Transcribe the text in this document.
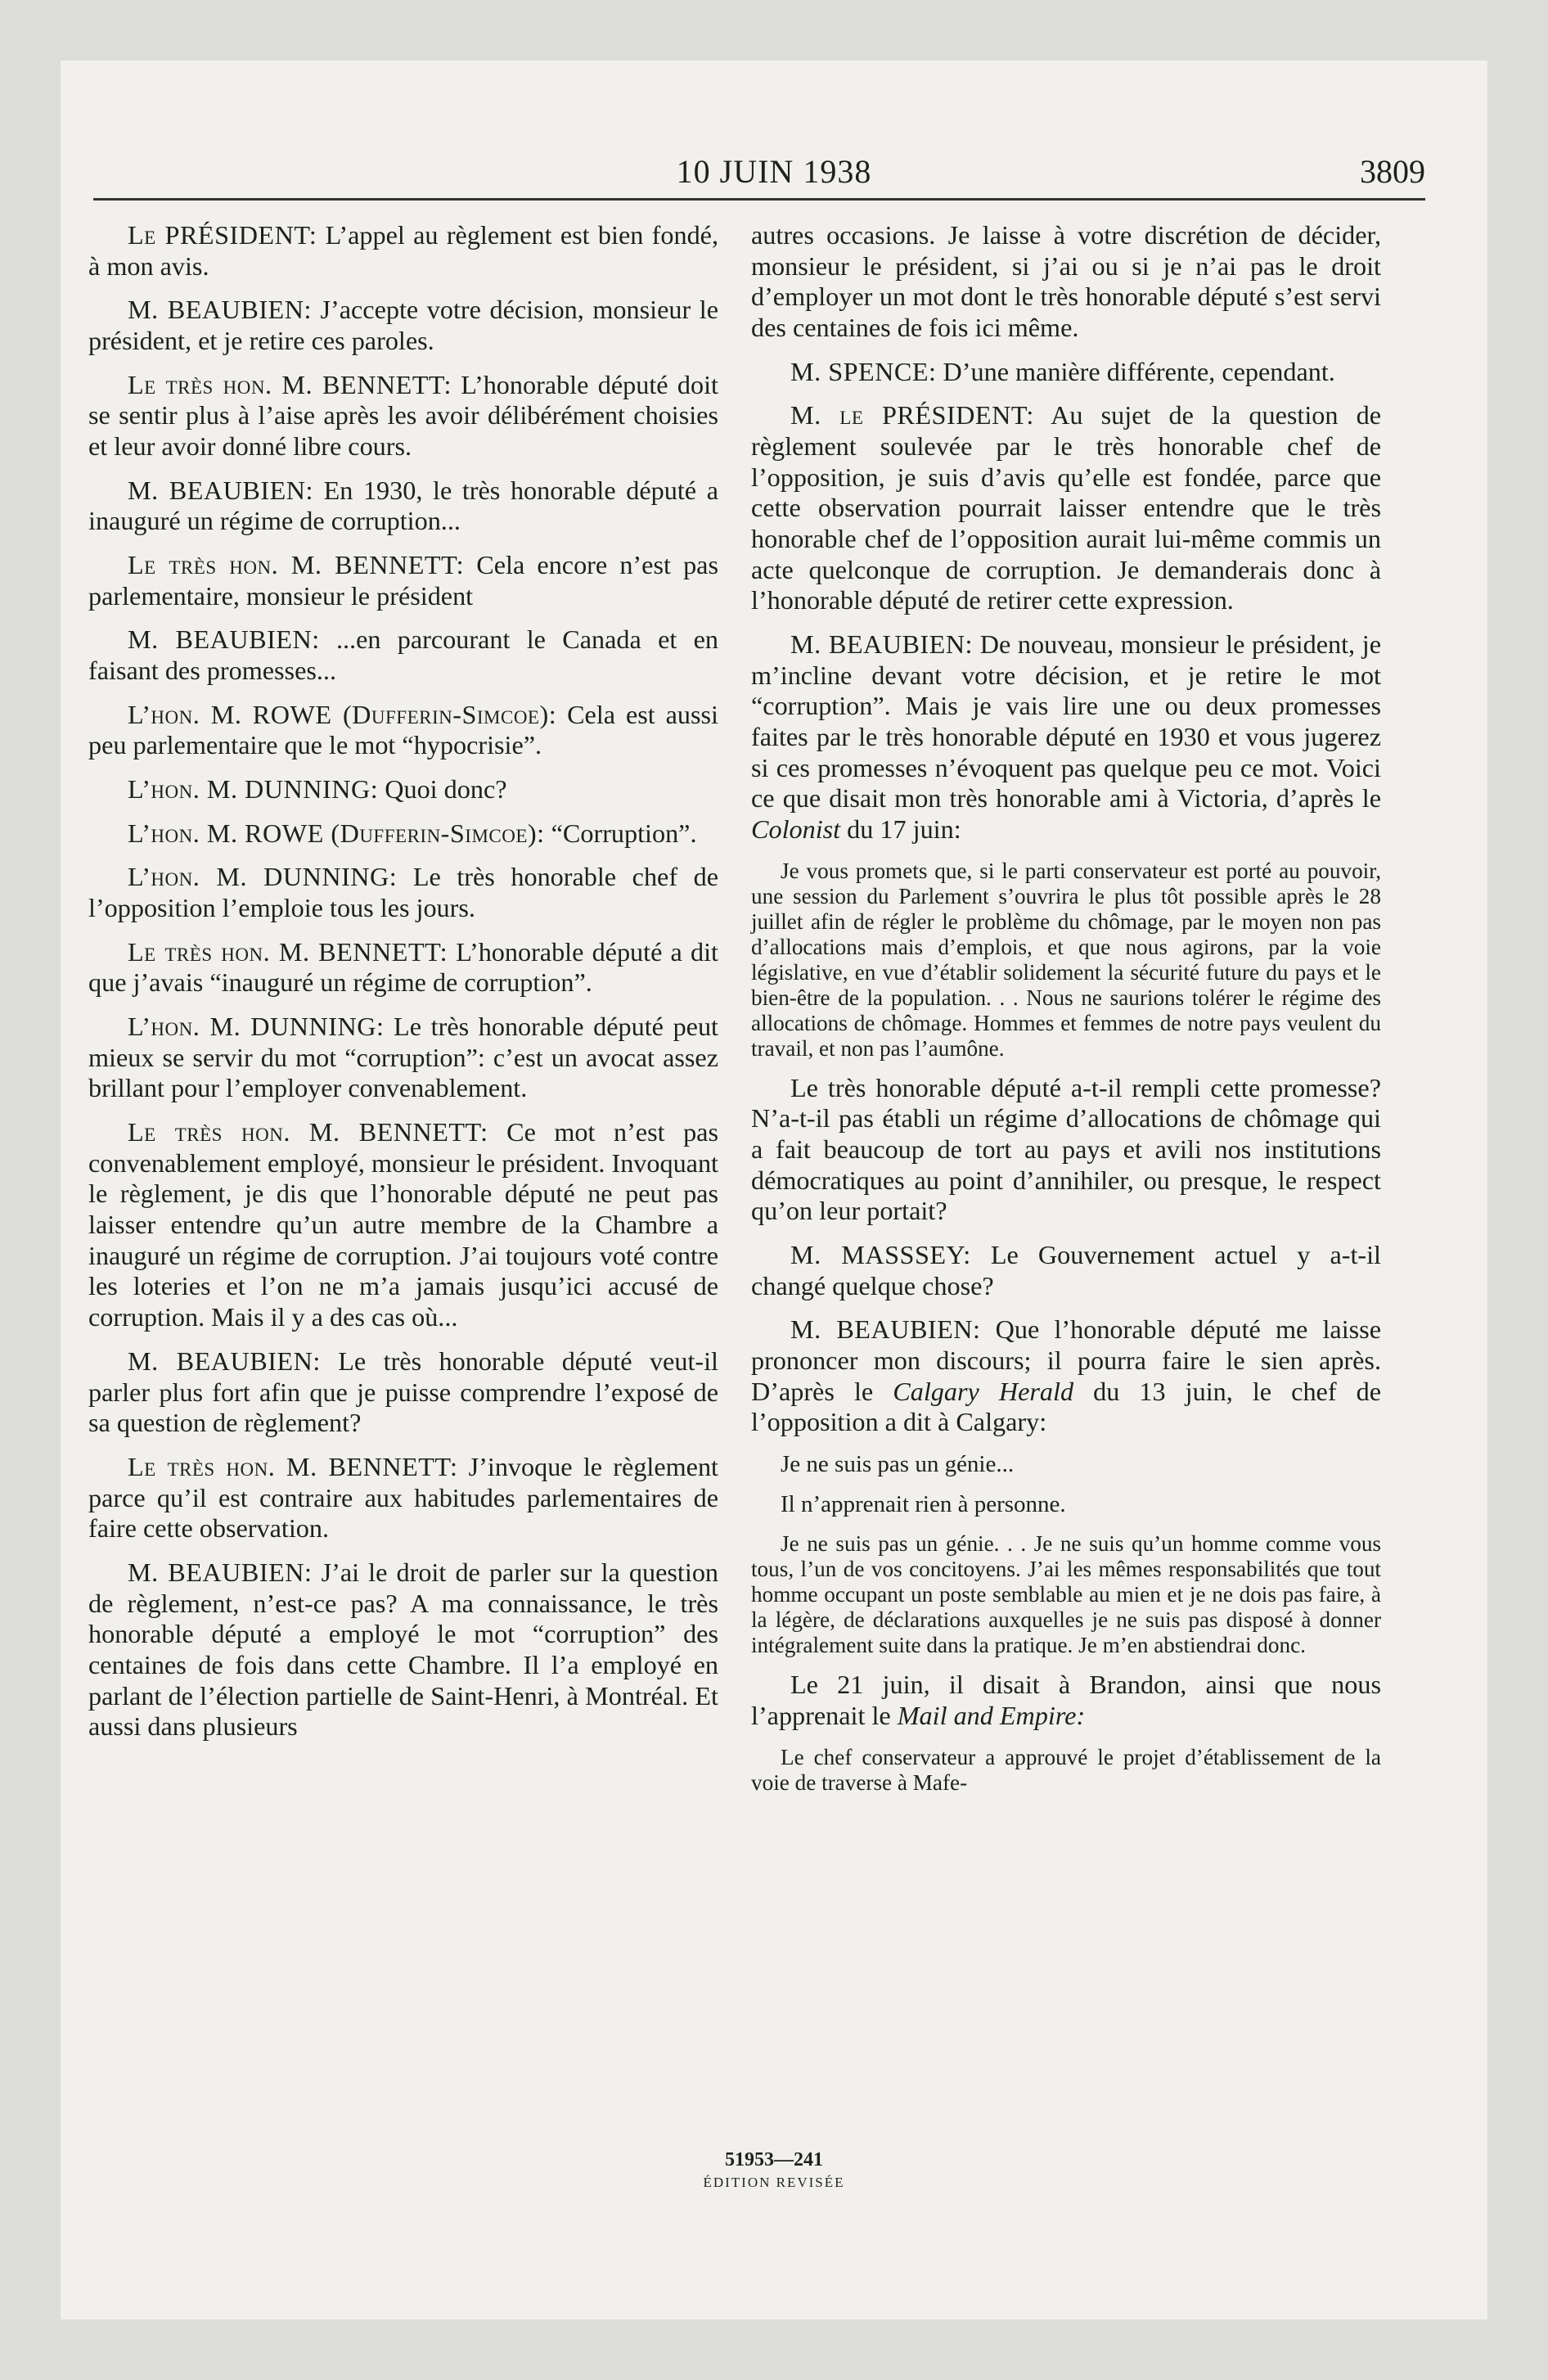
10 JUIN 1938	3809

Le PRÉSIDENT: L’appel au règlement est bien fondé, à mon avis.

M. BEAUBIEN: J’accepte votre décision, monsieur le président, et je retire ces paroles.

Le très hon. M. BENNETT: L’honorable député doit se sentir plus à l’aise après les avoir délibérément choisies et leur avoir donné libre cours.

M. BEAUBIEN: En 1930, le très honorable député a inauguré un régime de corruption...

Le très hon. M. BENNETT: Cela encore n’est pas parlementaire, monsieur le président

M. BEAUBIEN: ...en parcourant le Canada et en faisant des promesses...

L’hon. M. ROWE (Dufferin-Simcoe): Cela est aussi peu parlementaire que le mot “hypocrisie”.

L’hon. M. DUNNING: Quoi donc?

L’hon. M. ROWE (Dufferin-Simcoe): “Corruption”.

L’hon. M. DUNNING: Le très honorable chef de l’opposition l’emploie tous les jours.

Le très hon. M. BENNETT: L’honorable député a dit que j’avais “inauguré un régime de corruption”.

L’hon. M. DUNNING: Le très honorable député peut mieux se servir du mot “corruption”: c’est un avocat assez brillant pour l’employer convenablement.

Le très hon. M. BENNETT: Ce mot n’est pas convenablement employé, monsieur le président. Invoquant le règlement, je dis que l’honorable député ne peut pas laisser entendre qu’un autre membre de la Chambre a inauguré un régime de corruption. J’ai toujours voté contre les loteries et l’on ne m’a jamais jusqu’ici accusé de corruption. Mais il y a des cas où...

M. BEAUBIEN: Le très honorable député veut-il parler plus fort afin que je puisse comprendre l’exposé de sa question de règlement?

Le très hon. M. BENNETT: J’invoque le règlement parce qu’il est contraire aux habitudes parlementaires de faire cette observation.

M. BEAUBIEN: J’ai le droit de parler sur la question de règlement, n’est-ce pas? A ma connaissance, le très honorable député a employé le mot “corruption” des centaines de fois dans cette Chambre. Il l’a employé en parlant de l’élection partielle de Saint-Henri, à Montréal. Et aussi dans plusieurs

autres occasions. Je laisse à votre discrétion de décider, monsieur le président, si j’ai ou si je n’ai pas le droit d’employer un mot dont le très honorable député s’est servi des centaines de fois ici même.

M. SPENCE: D’une manière différente, cependant.

M. le PRÉSIDENT: Au sujet de la question de règlement soulevée par le très honorable chef de l’opposition, je suis d’avis qu’elle est fondée, parce que cette observation pourrait laisser entendre que le très honorable chef de l’opposition aurait lui-même commis un acte quelconque de corruption. Je demanderais donc à l’honorable député de retirer cette expression.

M. BEAUBIEN: De nouveau, monsieur le président, je m’incline devant votre décision, et je retire le mot “corruption”. Mais je vais lire une ou deux promesses faites par le très honorable député en 1930 et vous jugerez si ces promesses n’évoquent pas quelque peu ce mot. Voici ce que disait mon très honorable ami à Victoria, d’après le Colonist du 17 juin:

Je vous promets que, si le parti conservateur est porté au pouvoir, une session du Parlement s’ouvrira le plus tôt possible après le 28 juillet afin de régler le problème du chômage, par le moyen non pas d’allocations mais d’emplois, et que nous agirons, par la voie législative, en vue d’établir solidement la sécurité future du pays et le bien-être de la population. . . Nous ne saurions tolérer le régime des allocations de chômage. Hommes et femmes de notre pays veulent du travail, et non pas l’aumône.

Le très honorable député a-t-il rempli cette promesse? N’a-t-il pas établi un régime d’allocations de chômage qui a fait beaucoup de tort au pays et avili nos institutions démocratiques au point d’annihiler, ou presque, le respect qu’on leur portait?

M. MASSSEY: Le Gouvernement actuel y a-t-il changé quelque chose?

M. BEAUBIEN: Que l’honorable député me laisse prononcer mon discours; il pourra faire le sien après. D’après le Calgary Herald du 13 juin, le chef de l’opposition a dit à Calgary:

Je ne suis pas un génie...

Il n’apprenait rien à personne.

Je ne suis pas un génie. . . Je ne suis qu’un homme comme vous tous, l’un de vos concitoyens. J’ai les mêmes responsabilités que tout homme occupant un poste semblable au mien et je ne dois pas faire, à la légère, de déclarations auxquelles je ne suis pas disposé à donner intégralement suite dans la pratique. Je m’en abstiendrai donc.

Le 21 juin, il disait à Brandon, ainsi que nous l’apprenait le Mail and Empire:

Le chef conservateur a approuvé le projet d’établissement de la voie de traverse à Mafe-

51953—241
ÉDITION REVISÉE
